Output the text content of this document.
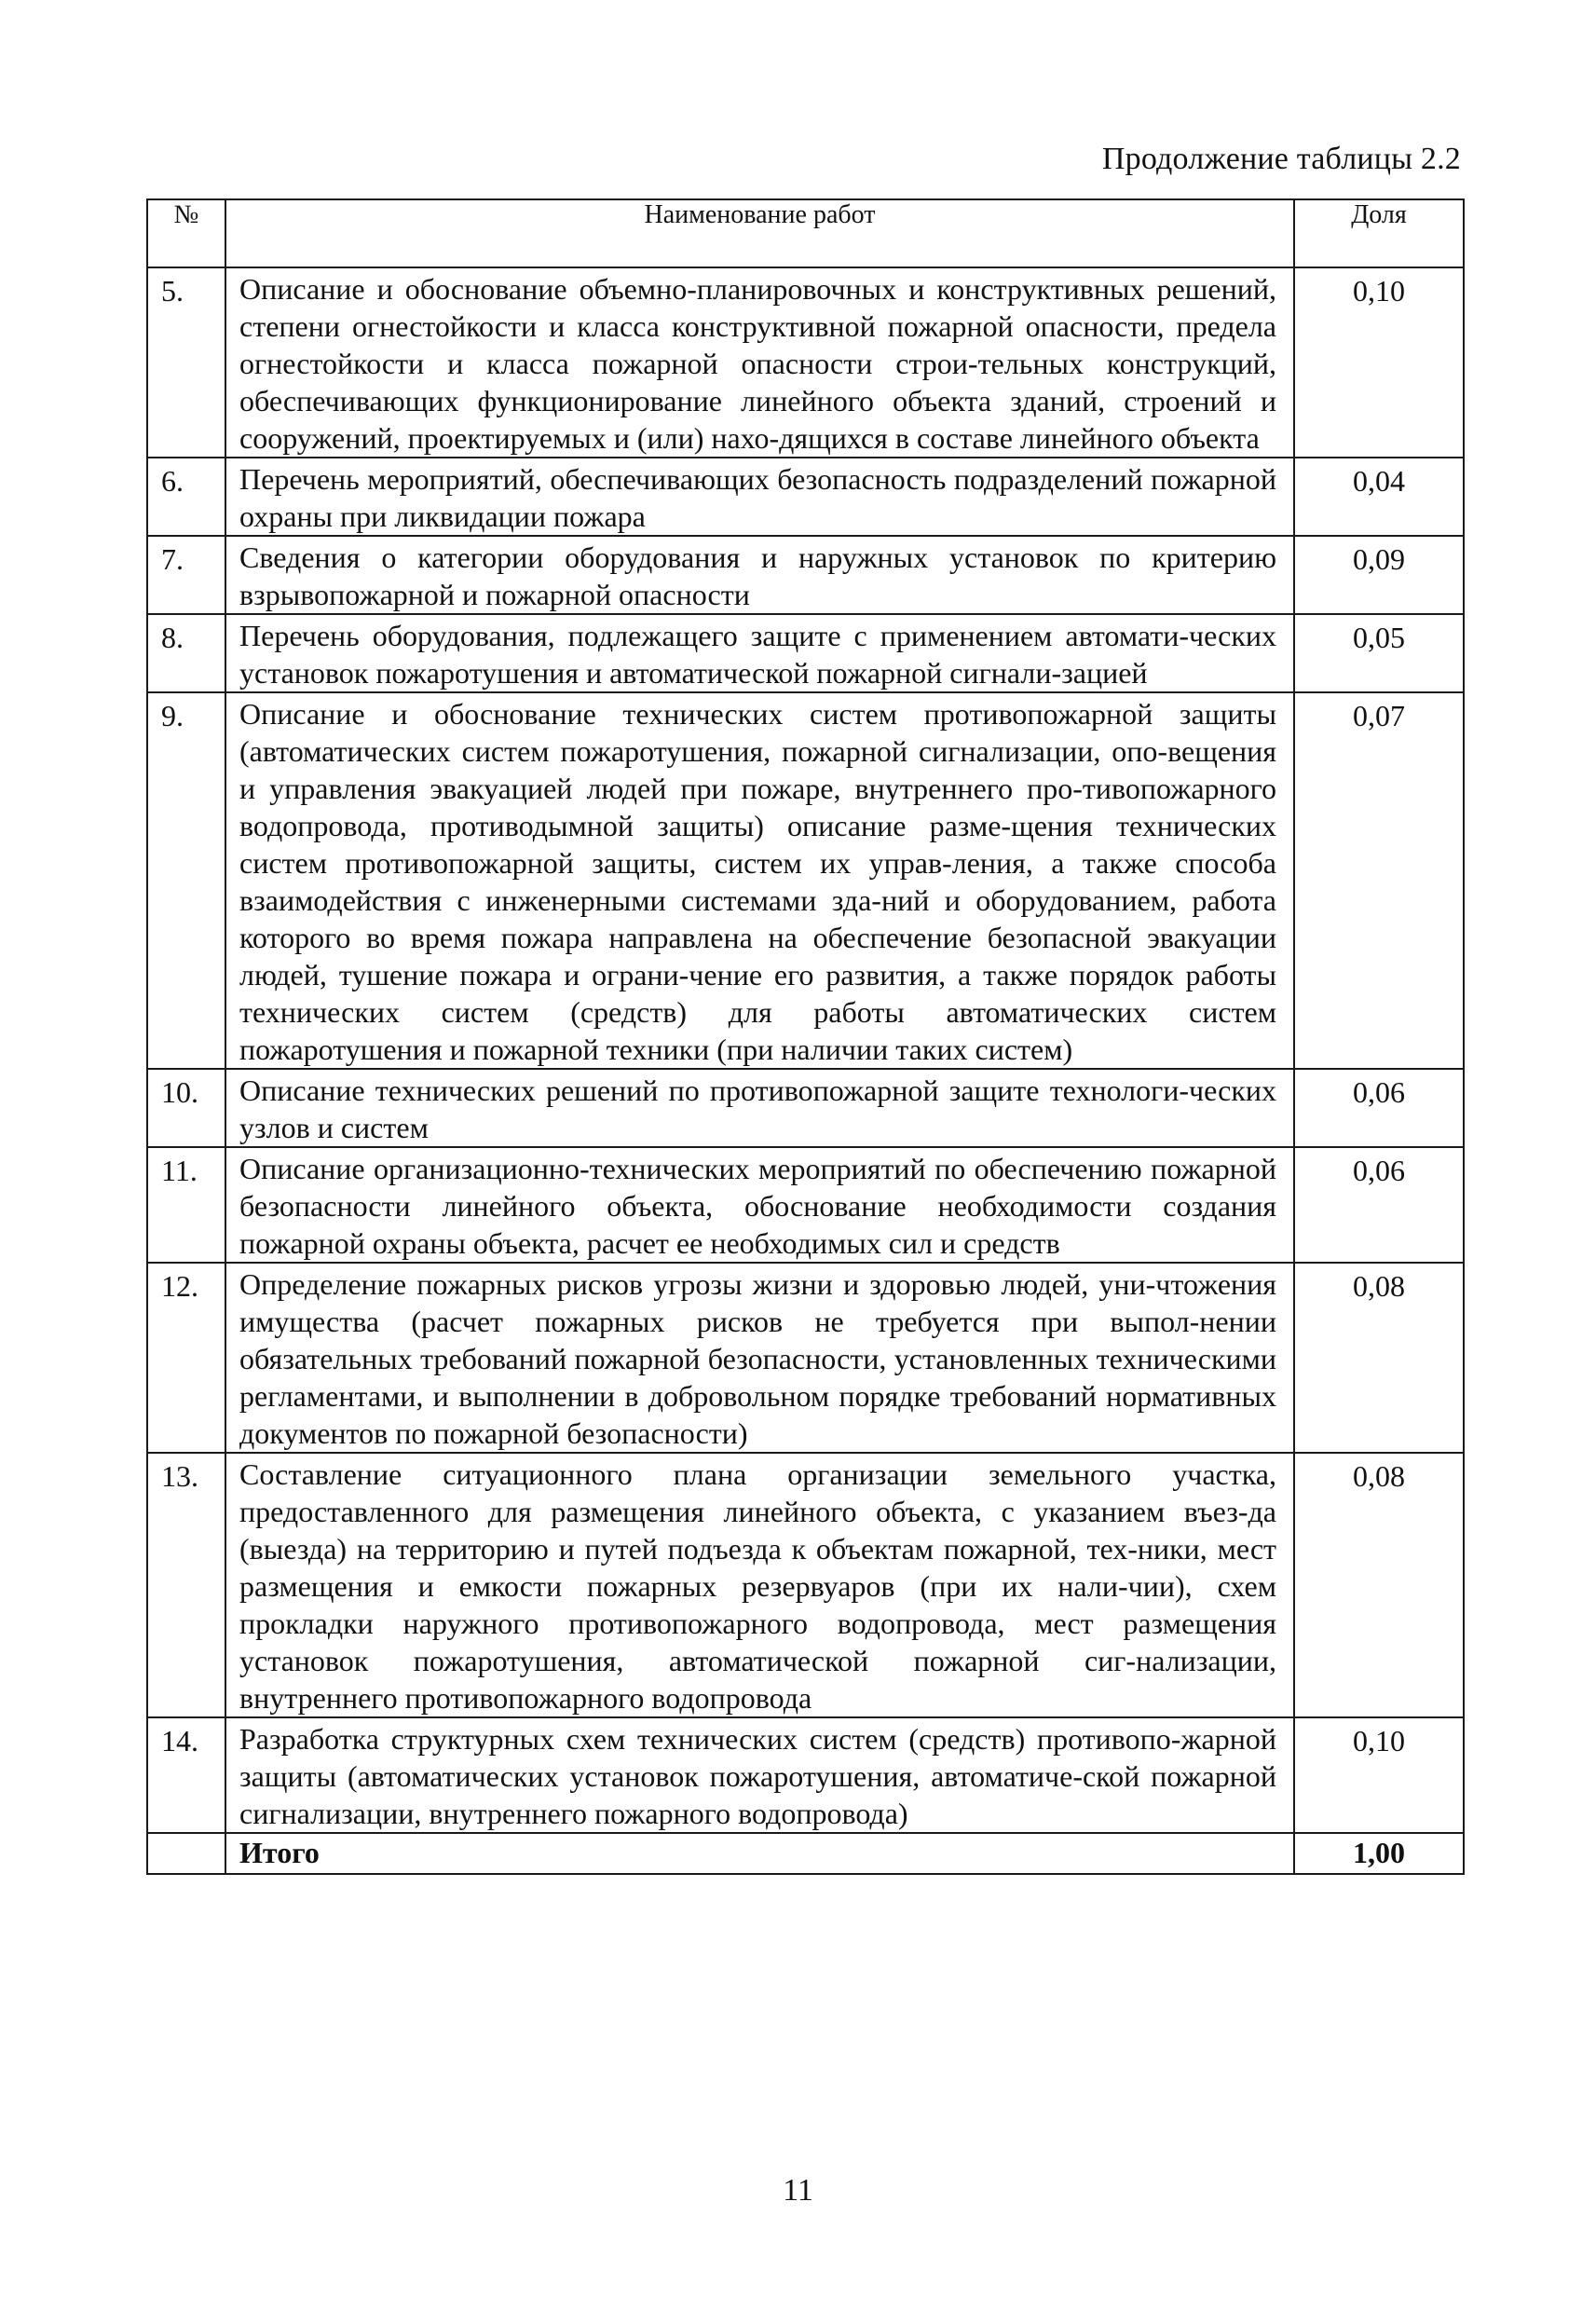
Продолжение таблицы 2.2
№	Наименование работ	Доля
5.	Описание и обоснование объемно-планировочных и конструктивных решений, степени огнестойкости и класса конструктивной пожарной опасности, предела огнестойкости и класса пожарной опасности строи-тельных конструкций, обеспечивающих функционирование линейного объекта зданий, строений и сооружений, проектируемых и (или) нахо-дящихся в составе линейного объекта	0,10
6.	Перечень мероприятий, обеспечивающих безопасность подразделений пожарной охраны при ликвидации пожара	0,04
7.	Сведения о категории оборудования и наружных установок по критерию взрывопожарной и пожарной опасности	0,09
8.	Перечень оборудования, подлежащего защите с применением автомати-ческих установок пожаротушения и автоматической пожарной сигнали-зацией	0,05
9.	Описание и обоснование технических систем противопожарной защиты (автоматических систем пожаротушения, пожарной сигнализации, опо-вещения и управления эвакуацией людей при пожаре, внутреннего про-тивопожарного водопровода, противодымной защиты) описание разме-щения технических систем противопожарной защиты, систем их управ-ления, а также способа взаимодействия с инженерными системами зда-ний и оборудованием, работа которого во время пожара направлена на обеспечение безопасной эвакуации людей, тушение пожара и ограни-чение его развития, а также порядок работы технических систем (средств) для работы автоматических систем пожаротушения и пожарной техники (при наличии таких систем)	0,07
10.	Описание технических решений по противопожарной защите технологи-ческих узлов и систем	0,06
11.	Описание организационно-технических мероприятий по обеспечению пожарной безопасности линейного объекта, обоснование необходимости создания пожарной охраны объекта, расчет ее необходимых сил и средств	0,06
12.	Определение пожарных рисков угрозы жизни и здоровью людей, уни-чтожения имущества (расчет пожарных рисков не требуется при выпол-нении обязательных требований пожарной безопасности, установленных техническими регламентами, и выполнении в добровольном порядке требований нормативных документов по пожарной безопасности)	0,08
13.	Составление ситуационного плана организации земельного участка, предоставленного для размещения линейного объекта, с указанием въез-да (выезда) на территорию и путей подъезда к объектам пожарной, тех-ники, мест размещения и емкости пожарных резервуаров (при их нали-чии), схем прокладки наружного противопожарного водопровода, мест размещения установок пожаротушения, автоматической пожарной сиг-нализации, внутреннего противопожарного водопровода	0,08
14.	Разработка структурных схем технических систем (средств) противопо-жарной защиты (автоматических установок пожаротушения, автоматиче-ской пожарной сигнализации, внутреннего пожарного водопровода)	0,10
	Итого	1,00
11
